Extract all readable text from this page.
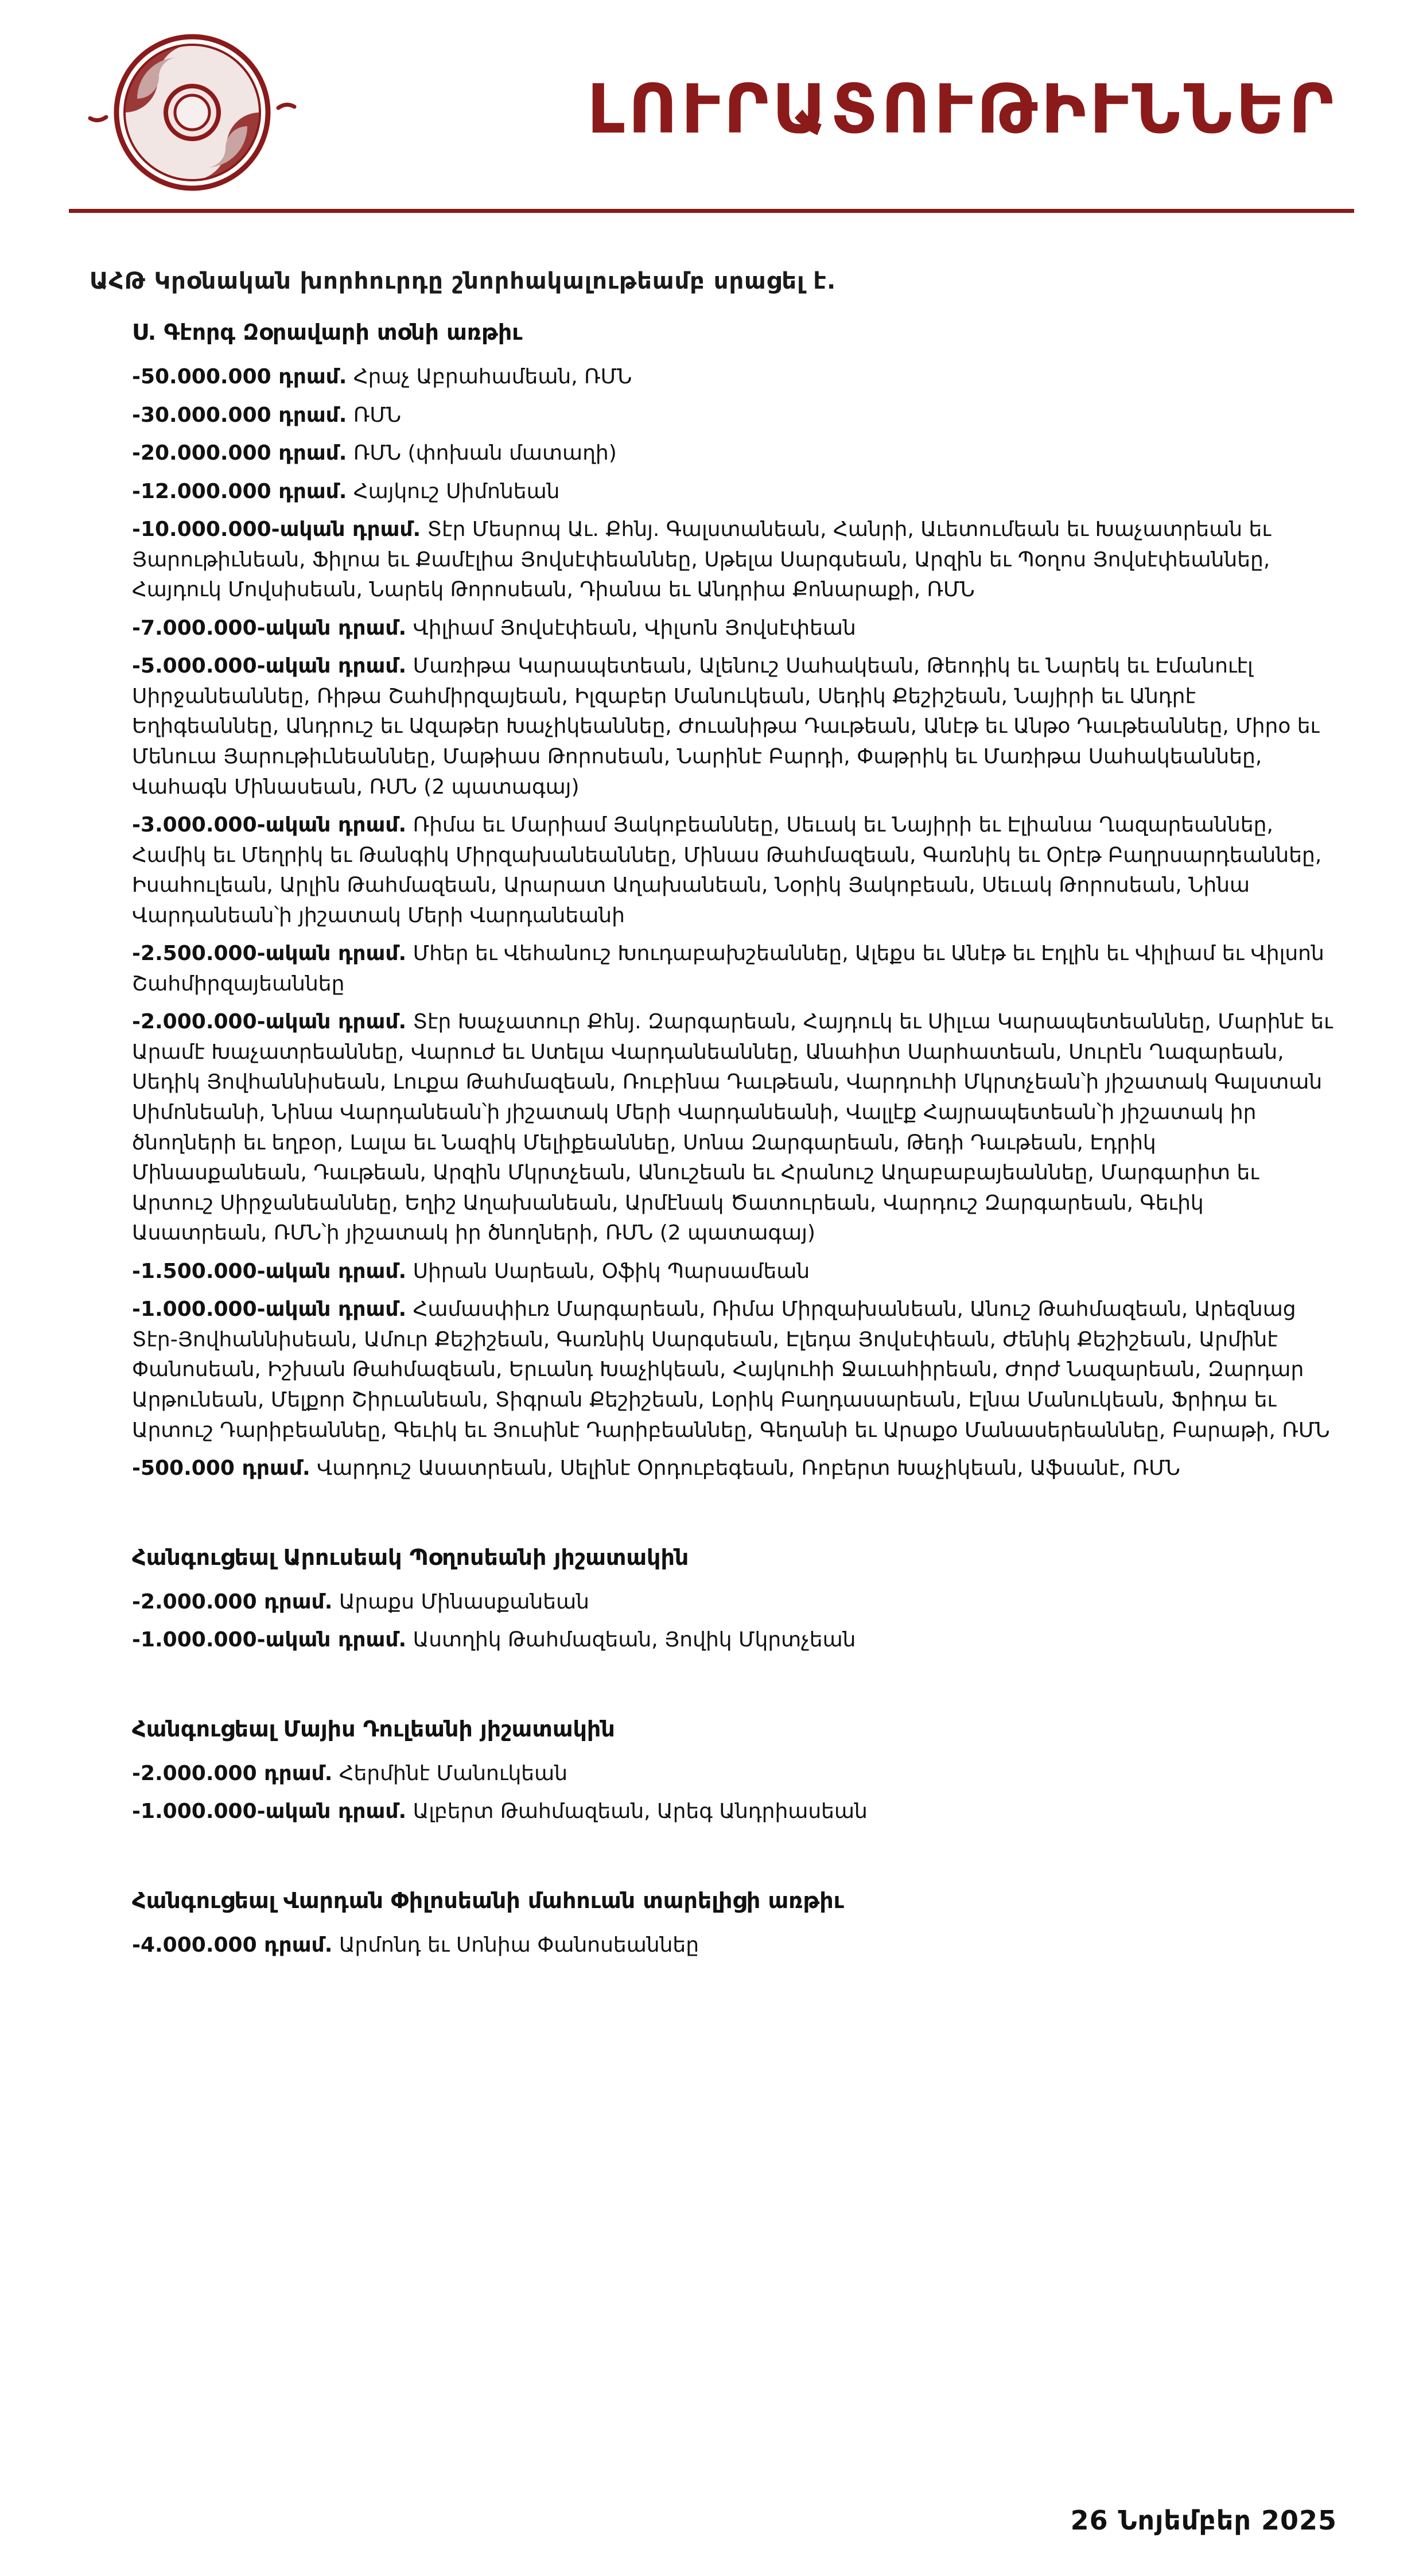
ԼՈՒՐԱՏՈՒԹԻՒՆՆԵՐ
ԱՀԹ Կրօնական խորհուրդը շնորհակալութեամբ սրացել է.
Ս. Գէորգ Զօրավարի տօնի առթիւ

-50.000.000 դրամ. Հրաչ Աբրահամեան, ՌՄՆ

-30.000.000 դրամ. ՌՄՆ

-20.000.000 դրամ. ՌՄՆ (փոխան մատաղի)

-12.000.000 դրամ. Հայկուշ Սիմոնեան

-10.000.000-ական դրամ. Տէր Մեսրոպ Աւ. Քհնյ. Գալստանեան, Հանրի, Աւետումեան եւ Խաչատրեան եւ Յարութիւնեան, Ֆիլոա եւ Քամէլիա Յովսէփեաննեը, Սթելա Սարգսեան, Արզին եւ Պօղոս Յովսէփեաննեը, Հայդուկ Մովսիսեան, Նարեկ Թորոսեան, Դիանա եւ Անդրիա Քոնարաքի, ՌՄՆ

-7.000.000-ական դրամ. Վիլիամ Յովսէփեան, Վիլսոն Յովսէփեան

-5.000.000-ական դրամ. Մառիթա Կարապետեան, Ալենուշ Սահակեան, Թեոդիկ եւ Նարեկ եւ Էմանուէլ Սիրջանեաննեը, Ռիթա Շահմիրզայեան, Իլզաբեր Մանուկեան, Սեդիկ Քեշիշեան, Նայիրի եւ Անդրէ Եղիգեաննեը, Անդրուշ եւ Ազաթեր Խաչիկեաննեը, Ժուանիթա Դաւթեան, Անէթ եւ Անթօ Դաւթեաննեը, Միրօ եւ Մենուա Յարութիւնեաննեը, Մաթիաս Թորոսեան, Նարինէ Բարդի, Փաթրիկ եւ Մառիթա Սահակեաննեը, Վահագն Մինասեան, ՌՄՆ (2 պատագայ)

-3.000.000-ական դրամ. Ռիմա եւ Մարիամ Յակոբեաննեը, Սեւակ եւ Նայիրի եւ Էլիանա Ղազարեաննեը, Համիկ եւ Մեղրիկ եւ Թանգիկ Միրզախանեաննեը, Մինաս Թահմազեան, Գառնիկ եւ Օրէթ Բաղրսարդեաննեը, Իսահուլեան, Արլին Թահմազեան, Արարատ Աղախանեան, Նօրիկ Յակոբեան, Սեւակ Թորոսեան, Նինա Վարդանեան՝ի յիշատակ Մերի Վարդանեանի

-2.500.000-ական դրամ. Մհեր եւ Վեհանուշ Խուդաբախշեաննեը, Ալեքս եւ Անէթ եւ Էդլին եւ Վիլիամ եւ Վիլսոն Շահմիրզայեաննեը

-2.000.000-ական դրամ. Տէր Խաչատուր Քհնյ. Զարգարեան, Հայդուկ եւ Սիլւա Կարապետեաննեը, Մարինէ եւ Արամէ Խաչատրեաննեը, Վարուժ եւ Ստելա Վարդանեաննեը, Անահիտ Սարհատեան, Սուրէն Ղազարեան, Սեդիկ Յովհաննիսեան, Լուքա Թահմազեան, Ռուբինա Դաւթեան, Վարդուհի Մկրտչեան՝ի յիշատակ Գալստան Սիմոնեանի, Նինա Վարդանեան՝ի յիշատակ Մերի Վարդանեանի, Վալլէք Հայրապետեան՝ի յիշատակ իր ծնողների եւ եղբօր, Լալա եւ Նազիկ Մելիքեաննեը, Սոնա Զարգարեան, Թեդի Դաւթեան, Էդրիկ Մինասքանեան, Դաւթեան, Արզին Մկրտչեան, Անուշեան եւ Հրանուշ Աղաբաբայեաննեը, Մարգարիտ եւ Արտուշ Սիրջանեաննեը, Եղիշ Աղախանեան, Արմէնակ Ծատուրեան, Վարդուշ Զարգարեան, Գեւիկ Ասատրեան, ՌՄՆ՝ի յիշատակ իր ծնողների, ՌՄՆ (2 պատագայ)

-1.500.000-ական դրամ. Սիրան Սարեան, Օֆիկ Պարսամեան

-1.000.000-ական դրամ. Համասփիւռ Մարգարեան, Ռիմա Միրզախանեան, Անուշ Թահմազեան, Արեզնաց Տէր-Յովհաննիսեան, Ամուր Քեշիշեան, Գառնիկ Սարգսեան, Էլեդա Յովսէփեան, Ժենիկ Քեշիշեան, Արմինէ Փանոսեան, Իշխան Թահմազեան, Երւանդ Խաչիկեան, Հայկուհի Ջաւահիրեան, Ժորժ Նազարեան, Զարդար Արթունեան, Մելքոր Շիրւանեան, Տիգրան Քեշիշեան, Լօրիկ Բաղդասարեան, Էլնա Մանուկեան, Ֆրիդա եւ Արտուշ Դարիբեաննեը, Գեւիկ եւ Յուսինէ Դարիբեաննեը, Գեղանի եւ Արաքօ Մանասերեաննեը, Բարաթի, ՌՄՆ

-500.000 դրամ. Վարդուշ Ասատրեան, Սելինէ Օրդուբեգեան, Ռոբերտ Խաչիկեան, Աֆսանէ, ՌՄՆ

Հանգուցեալ Արուսեակ Պօղոսեանի յիշատակին

-2.000.000 դրամ. Արաքս Մինասքանեան

-1.000.000-ական դրամ. Աստղիկ Թահմազեան, Յովիկ Մկրտչեան

Հանգուցեալ Մայիս Դուլեանի յիշատակին

-2.000.000 դրամ. Հերմինէ Մանուկեան

-1.000.000-ական դրամ. Ալբերտ Թահմազեան, Արեգ Անդրիասեան

Հանգուցեալ Վարդան Փիլոսեանի մահուան տարելիցի առթիւ

-4.000.000 դրամ. Արմոնդ եւ Սոնիա Փանոսեաննեը

26 Նոյեմբեր 2025
